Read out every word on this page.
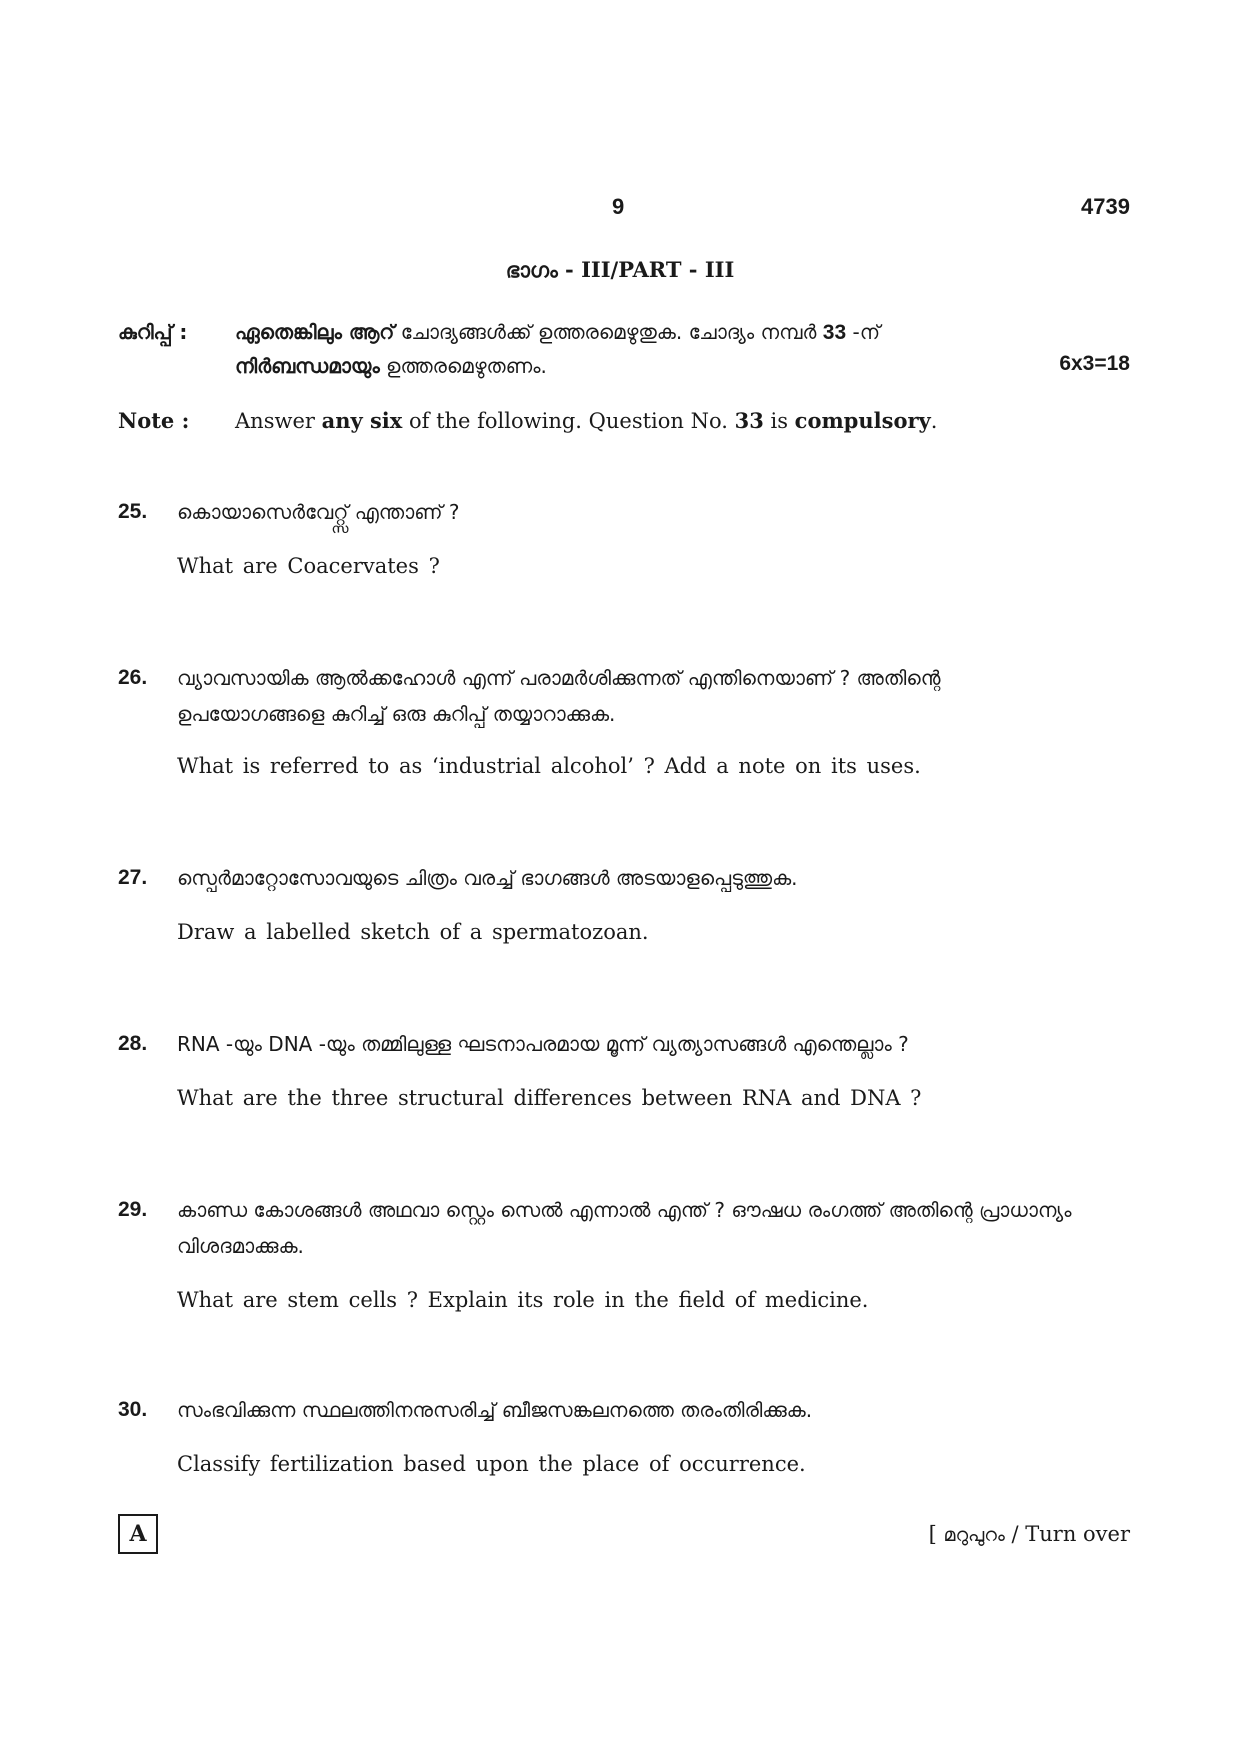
9	4739
ഭാഗം - III/PART - III
കുറിപ്പ് : ഏതെങ്കിലും ആറ് ചോദ്യങ്ങൾക്ക് ഉത്തരമെഴുതുക. ചോദ്യം നമ്പർ 33 -ന്
നിർബന്ധമായും ഉത്തരമെഴുതണം.	6x3=18
Note : Answer any six of the following. Question No. 33 is compulsory.
25. കൊയാസെർവേറ്റ്സ് എന്താണ് ?
What are Coacervates ?
26. വ്യാവസായിക ആൽക്കഹോൾ എന്ന് പരാമർശിക്കുന്നത് എന്തിനെയാണ് ? അതിന്റെ ഉപയോഗങ്ങളെ കുറിച്ച് ഒരു കുറിപ്പ് തയ്യാറാക്കുക.
What is referred to as ‘industrial alcohol’ ? Add a note on its uses.
27. സ്പെർമാറ്റോസോവയുടെ ചിത്രം വരച്ച് ഭാഗങ്ങൾ അടയാളപ്പെടുത്തുക.
Draw a labelled sketch of a spermatozoan.
28. RNA -യും DNA -യും തമ്മിലുള്ള ഘടനാപരമായ മൂന്ന് വ്യത്യാസങ്ങൾ എന്തെല്ലാം ?
What are the three structural differences between RNA and DNA ?
29. കാണ്ഡ കോശങ്ങൾ അഥവാ സ്റ്റെം സെൽ എന്നാൽ എന്ത് ? ഔഷധ രംഗത്ത് അതിന്റെ പ്രാധാന്യം വിശദമാക്കുക.
What are stem cells ? Explain its role in the field of medicine.
30. സംഭവിക്കുന്ന സ്ഥലത്തിനനുസരിച്ച് ബീജസങ്കലനത്തെ തരംതിരിക്കുക.
Classify fertilization based upon the place of occurrence.
A	[ മറുപുറം / Turn over
